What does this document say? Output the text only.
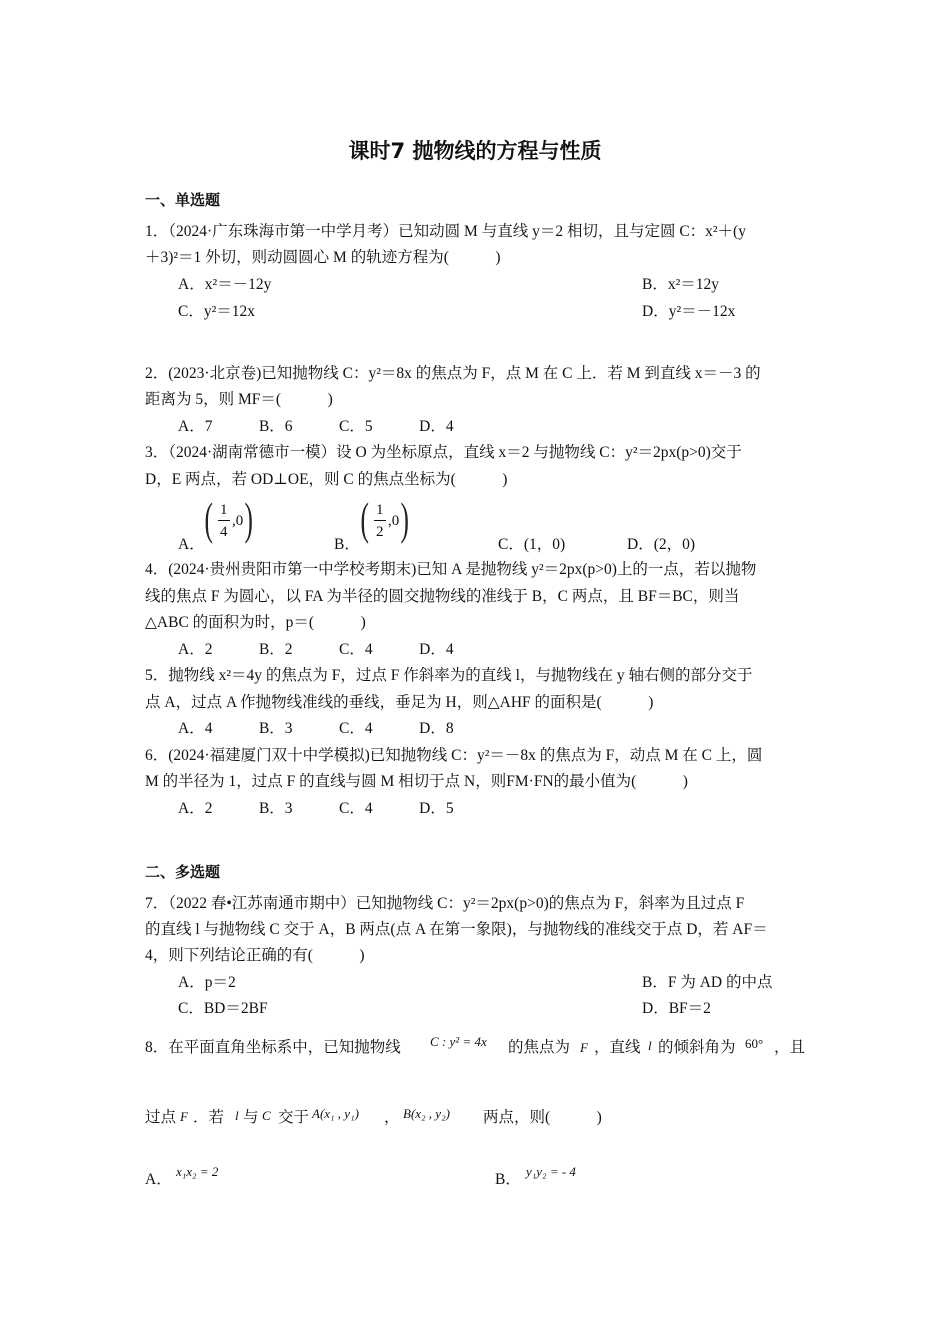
课时7 抛物线的方程与性质
一、单选题
1．（2024·广东珠海市第一中学月考）已知动圆 M 与直线 y＝2 相切，且与定圆 C：x²＋(y
＋3)²＝1 外切，则动圆圆心 M 的轨迹方程为(　　　)
A．x²＝－12y	B．x²＝12y
C．y²＝12x	D．y²＝－12x
2．(2023·北京卷)已知抛物线 C：y²＝8x 的焦点为 F，点 M 在 C 上．若 M 到直线 x＝－3 的
距离为 5，则 MF＝(　　　)
A．7　　　B．6　　　C．5　　　D．4
3．（2024·湖南常德市一模）设 O 为坐标原点，直线 x＝2 与抛物线 C：y²＝2px(p>0)交于
D，E 两点，若 OD⊥OE，则 C 的焦点坐标为(　　　)
A．
( 1
4
,0 )
B．
( 1
2
,0 )
C．(1，0)	D．(2，0)
4．(2024·贵州贵阳市第一中学校考期末)已知 A 是抛物线 y²＝2px(p>0)上的一点，若以抛物
线的焦点 F 为圆心，以 FA 为半径的圆交抛物线的准线于 B，C 两点，且 BF＝BC，则当
△ABC 的面积为时，p＝(　　　)
A．2　　　B．2　　　C．4　　　D．4
5．抛物线 x²＝4y 的焦点为 F，过点 F 作斜率为的直线 l，与抛物线在 y 轴右侧的部分交于
点 A，过点 A 作抛物线准线的垂线，垂足为 H，则△AHF 的面积是(　　　)
A．4　　　B．3　　　C．4　　　D．8
6．(2024·福建厦门双十中学模拟)已知抛物线 C：y²＝－8x 的焦点为 F，动点 M 在 C 上，圆
M 的半径为 1，过点 F 的直线与圆 M 相切于点 N，则FM·FN的最小值为(　　　)
A．2　　　B．3　　　C．4　　　D．5
二、多选题
7．（2022 春•江苏南通市期中）已知抛物线 C：y²＝2px(p>0)的焦点为 F，斜率为且过点 F
的直线 l 与抛物线 C 交于 A，B 两点(点 A 在第一象限)，与抛物线的准线交于点 D，若 AF＝
4，则下列结论正确的有(　　　)
A．p＝2	B．F 为 AD 的中点
C．BD＝2BF	D．BF＝2
8．在平面直角坐标系中，已知抛物线 C : y² = 4x 的焦点为 F ，直线 l 的倾斜角为 60° ，且
过点 F ．若 l 与 C 交于 A(x₁ , y₁) ， B(x₂ , y₂) 两点，则(　　　)
A． x₁x₂ = 2	B． y₁y₂ = - 4
